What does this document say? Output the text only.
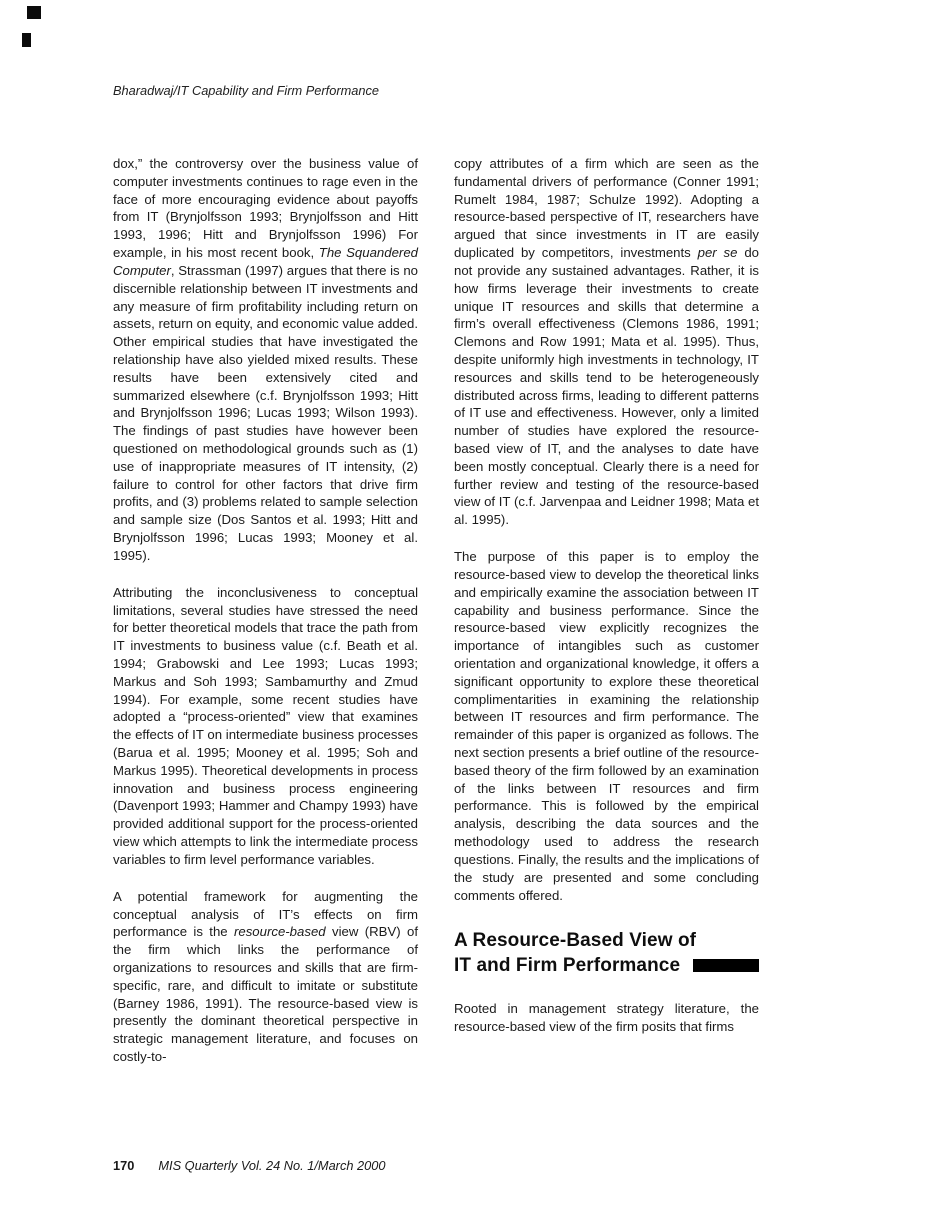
Bharadwaj/IT Capability and Firm Performance

dox,” the controversy over the business value of computer investments continues to rage even in the face of more encouraging evidence about payoffs from IT (Brynjolfsson 1993; Brynjolfsson and Hitt 1993, 1996; Hitt and Brynjolfsson 1996) For example, in his most recent book, The Squandered Computer, Strassman (1997) argues that there is no discernible relationship between IT investments and any measure of firm profitability including return on assets, return on equity, and economic value added. Other empirical studies that have investigated the relationship have also yielded mixed results. These results have been extensively cited and summarized elsewhere (c.f. Brynjolfsson 1993; Hitt and Brynjolfsson 1996; Lucas 1993; Wilson 1993). The findings of past studies have however been questioned on methodological grounds such as (1) use of inappropriate measures of IT intensity, (2) failure to control for other factors that drive firm profits, and (3) problems related to sample selection and sample size (Dos Santos et al. 1993; Hitt and Brynjolfsson 1996; Lucas 1993; Mooney et al. 1995).

Attributing the inconclusiveness to conceptual limitations, several studies have stressed the need for better theoretical models that trace the path from IT investments to business value (c.f. Beath et al. 1994; Grabowski and Lee 1993; Lucas 1993; Markus and Soh 1993; Sambamurthy and Zmud 1994). For example, some recent studies have adopted a “process-oriented” view that examines the effects of IT on intermediate business processes (Barua et al. 1995; Mooney et al. 1995; Soh and Markus 1995). Theoretical developments in process innovation and business process engineering (Davenport 1993; Hammer and Champy 1993) have provided additional support for the process-oriented view which attempts to link the intermediate process variables to firm level performance variables.

A potential framework for augmenting the conceptual analysis of IT’s effects on firm performance is the resource-based view (RBV) of the firm which links the performance of organizations to resources and skills that are firm-specific, rare, and difficult to imitate or substitute (Barney 1986, 1991). The resource-based view is presently the dominant theoretical perspective in strategic management literature, and focuses on costly-to-

copy attributes of a firm which are seen as the fundamental drivers of performance (Conner 1991; Rumelt 1984, 1987; Schulze 1992). Adopting a resource-based perspective of IT, researchers have argued that since investments in IT are easily duplicated by competitors, investments per se do not provide any sustained advantages. Rather, it is how firms leverage their investments to create unique IT resources and skills that determine a firm’s overall effectiveness (Clemons 1986, 1991; Clemons and Row 1991; Mata et al. 1995). Thus, despite uniformly high investments in technology, IT resources and skills tend to be heterogeneously distributed across firms, leading to different patterns of IT use and effectiveness. However, only a limited number of studies have explored the resource-based view of IT, and the analyses to date have been mostly conceptual. Clearly there is a need for further review and testing of the resource-based view of IT (c.f. Jarvenpaa and Leidner 1998; Mata et al. 1995).

The purpose of this paper is to employ the resource-based view to develop the theoretical links and empirically examine the association between IT capability and business performance. Since the resource-based view explicitly recognizes the importance of intangibles such as customer orientation and organizational knowledge, it offers a significant opportunity to explore these theoretical complimentarities in examining the relationship between IT resources and firm performance. The remainder of this paper is organized as follows. The next section presents a brief outline of the resource-based theory of the firm followed by an examination of the links between IT resources and firm performance. This is followed by the empirical analysis, describing the data sources and the methodology used to address the research questions. Finally, the results and the implications of the study are presented and some concluding comments offered.

A Resource-Based View of
IT and Firm Performance

Rooted in management strategy literature, the resource-based view of the firm posits that firms

170 MIS Quarterly Vol. 24 No. 1/March 2000
